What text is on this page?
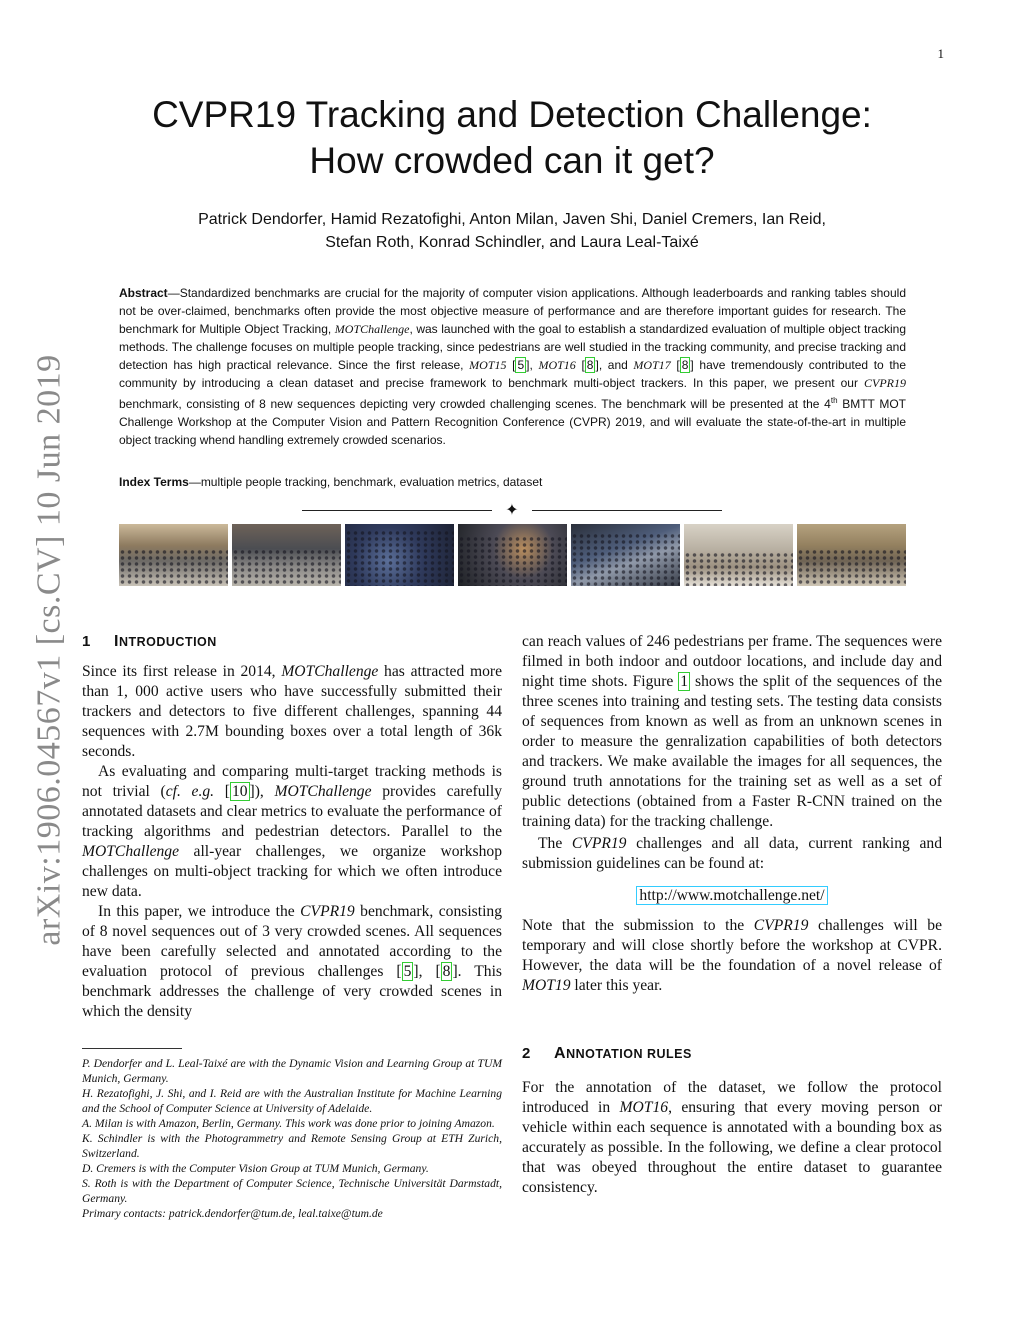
1
arXiv:1906.04567v1 [cs.CV] 10 Jun 2019
CVPR19 Tracking and Detection Challenge:
How crowded can it get?
Patrick Dendorfer, Hamid Rezatofighi, Anton Milan, Javen Shi, Daniel Cremers, Ian Reid,
Stefan Roth, Konrad Schindler, and Laura Leal-Taixé
Abstract—Standardized benchmarks are crucial for the majority of computer vision applications. Although leaderboards and ranking tables should not be over-claimed, benchmarks often provide the most objective measure of performance and are therefore important guides for research. The benchmark for Multiple Object Tracking, MOTChallenge, was launched with the goal to establish a standardized evaluation of multiple object tracking methods. The challenge focuses on multiple people tracking, since pedestrians are well studied in the tracking community, and precise tracking and detection has high practical relevance. Since the first release, MOT15 [ 5 ], MOT16 [ 8 ], and MOT17 [ 8 ] have tremendously contributed to the community by introducing a clean dataset and precise framework to benchmark multi-object trackers. In this paper, we present our CVPR19 benchmark, consisting of 8 new sequences depicting very crowded challenging scenes. The benchmark will be presented at the 4th BMTT MOT Challenge Workshop at the Computer Vision and Pattern Recognition Conference (CVPR) 2019, and will evaluate the state-of-the-art in multiple object tracking whend handling extremely crowded scenarios.
Index Terms—multiple people tracking, benchmark, evaluation metrics, dataset
✦
1 INTRODUCTION

Since its first release in 2014, MOTChallenge has attracted more than 1, 000 active users who have successfully submitted their trackers and detectors to five different challenges, spanning 44 sequences with 2.7M bounding boxes over a total length of 36k seconds.

As evaluating and comparing multi-target tracking methods is not trivial (cf. e.g. [ 10 ]), MOTChallenge provides carefully annotated datasets and clear metrics to evaluate the performance of tracking algorithms and pedestrian detectors. Parallel to the MOTChallenge all-year challenges, we organize workshop challenges on multi-object tracking for which we often introduce new data.

In this paper, we introduce the CVPR19 benchmark, consisting of 8 novel sequences out of 3 very crowded scenes. All sequences have been carefully selected and annotated according to the evaluation protocol of previous challenges [ 5 ], [ 8 ]. This benchmark addresses the challenge of very crowded scenes in which the density

P. Dendorfer and L. Leal-Taixé are with the Dynamic Vision and Learning Group at TUM Munich, Germany.

H. Rezatofighi, J. Shi, and I. Reid are with the Australian Institute for Machine Learning and the School of Computer Science at University of Adelaide.

A. Milan is with Amazon, Berlin, Germany. This work was done prior to joining Amazon.

K. Schindler is with the Photogrammetry and Remote Sensing Group at ETH Zurich, Switzerland.

D. Cremers is with the Computer Vision Group at TUM Munich, Germany.

S. Roth is with the Department of Computer Science, Technische Universität Darmstadt, Germany.

Primary contacts: patrick.dendorfer@tum.de, leal.taixe@tum.de

can reach values of 246 pedestrians per frame. The sequences were filmed in both indoor and outdoor locations, and include day and night time shots. Figure 1 shows the split of the sequences of the three scenes into training and testing sets. The testing data consists of sequences from known as well as from an unknown scenes in order to measure the genralization capabilities of both detectors and trackers. We make available the images for all sequences, the ground truth annotations for the training set as well as a set of public detections (obtained from a Faster R-CNN trained on the training data) for the tracking challenge.

The CVPR19 challenges and all data, current ranking and submission guidelines can be found at:

http://www.motchallenge.net/

Note that the submission to the CVPR19 challenges will be temporary and will close shortly before the workshop at CVPR. However, the data will be the foundation of a novel release of MOT19 later this year.

2 ANNOTATION RULES

For the annotation of the dataset, we follow the protocol introduced in MOT16, ensuring that every moving person or vehicle within each sequence is annotated with a bounding box as accurately as possible. In the following, we define a clear protocol that was obeyed throughout the entire dataset to guarantee consistency.
